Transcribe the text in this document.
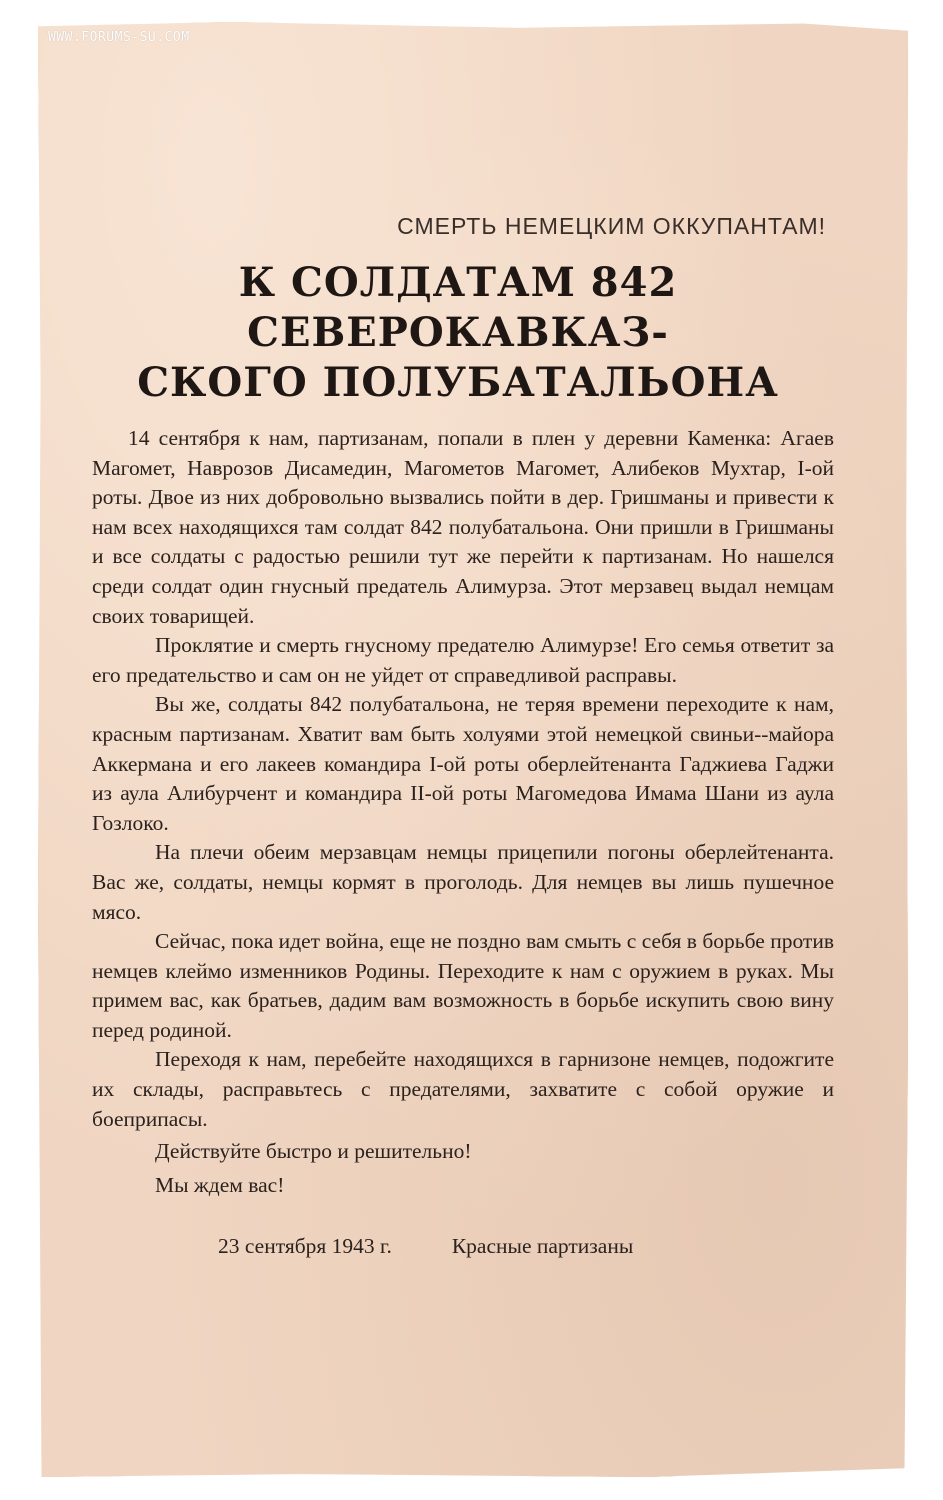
WWW.FORUMS-SU.COM
СМЕРТЬ НЕМЕЦКИМ ОККУПАНТАМ!
К СОЛДАТАМ 842 СЕВЕРОКАВКАЗ-
СКОГО ПОЛУБАТАЛЬОНА

14 сентября к нам, партизанам, попали в плен у деревни Каменка: Агаев Магомет, Наврозов Дисамедин, Магометов Магомет, Алибеков Мухтар, I-ой роты. Двое из них добровольно вызвались пойти в дер. Гришманы и привести к нам всех находящихся там солдат 842 полубатальона. Они пришли в Гришманы и все солдаты с радостью решили тут же перейти к партизанам. Но нашелся среди солдат один гнусный предатель Алимурза. Этот мерзавец выдал немцам своих товарищей.

Проклятие и смерть гнусному предателю Алимурзе! Его семья ответит за его предательство и сам он не уйдет от справедливой расправы.

Вы же, солдаты 842 полубатальона, не теряя времени переходите к нам, красным партизанам. Хватит вам быть холуями этой немецкой свиньи--майора Аккермана и его лакеев командира I-ой роты оберлейтенанта Гаджиева Гаджи из аула Алибурчент и командира II-ой роты Магомедова Имама Шани из аула Гозлоко.

На плечи обеим мерзавцам немцы прицепили погоны оберлейтенанта. Вас же, солдаты, немцы кормят в проголодь. Для немцев вы лишь пушечное мясо.

Сейчас, пока идет война, еще не поздно вам смыть с себя в борьбе против немцев клеймо изменников Родины. Переходите к нам с оружием в руках. Мы примем вас, как братьев, дадим вам возможность в борьбе искупить свою вину перед родиной.

Переходя к нам, перебейте находящихся в гарнизоне немцев, подожгите их склады, расправьтесь с предателями, захватите с собой оружие и боеприпасы.

Действуйте быстро и решительно!

Мы ждем вас!

23 сентября 1943 г.	Красные партизаны
